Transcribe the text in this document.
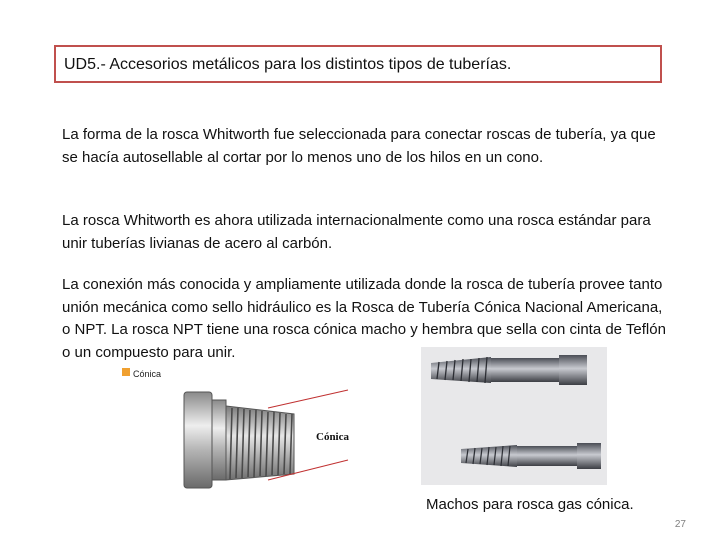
UD5.- Accesorios metálicos para los distintos tipos de tuberías.

La forma de la rosca Whitworth fue seleccionada para conectar roscas de tubería, ya que se hacía autosellable al cortar por lo menos uno de los hilos en un cono.

La rosca Whitworth es ahora utilizada internacionalmente como una rosca estándar para unir tuberías livianas de acero al carbón.

La conexión más conocida y ampliamente utilizada donde la rosca de tubería provee tanto unión mecánica como sello hidráulico es la Rosca de Tubería Cónica Nacional Americana, o NPT. La rosca NPT tiene una rosca cónica macho y hembra que sella con cinta de Teflón o un compuesto para unir.

Cónica
Cónica
Machos para rosca gas cónica.
27
